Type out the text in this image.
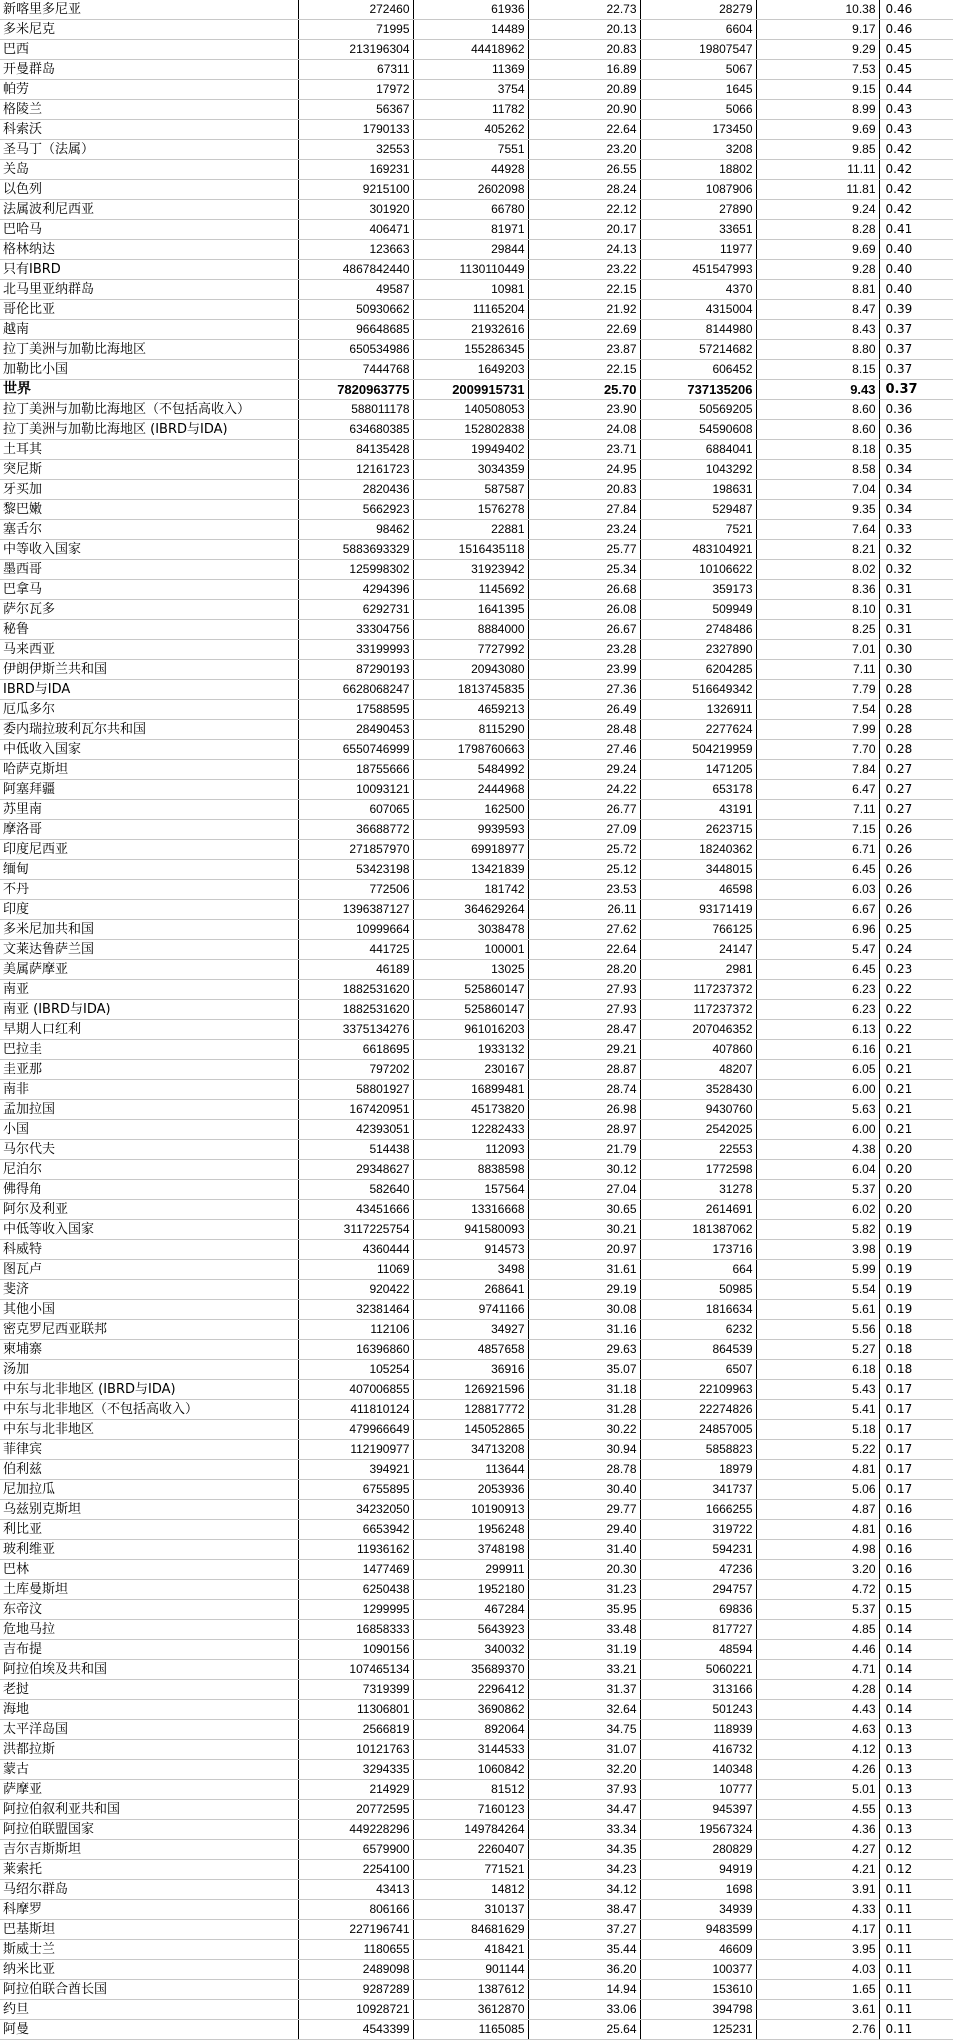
新喀里多尼亚	272460	61936	22.73	28279	10.38	0.46
多米尼克	71995	14489	20.13	6604	9.17	0.46
巴西	213196304	44418962	20.83	19807547	9.29	0.45
开曼群岛	67311	11369	16.89	5067	7.53	0.45
帕劳	17972	3754	20.89	1645	9.15	0.44
格陵兰	56367	11782	20.90	5066	8.99	0.43
科索沃	1790133	405262	22.64	173450	9.69	0.43
圣马丁（法属）	32553	7551	23.20	3208	9.85	0.42
关岛	169231	44928	26.55	18802	11.11	0.42
以色列	9215100	2602098	28.24	1087906	11.81	0.42
法属波利尼西亚	301920	66780	22.12	27890	9.24	0.42
巴哈马	406471	81971	20.17	33651	8.28	0.41
格林纳达	123663	29844	24.13	11977	9.69	0.40
只有IBRD	4867842440	1130110449	23.22	451547993	9.28	0.40
北马里亚纳群岛	49587	10981	22.15	4370	8.81	0.40
哥伦比亚	50930662	11165204	21.92	4315004	8.47	0.39
越南	96648685	21932616	22.69	8144980	8.43	0.37
拉丁美洲与加勒比海地区	650534986	155286345	23.87	57214682	8.80	0.37
加勒比小国	7444768	1649203	22.15	606452	8.15	0.37
世界	7820963775	2009915731	25.70	737135206	9.43	0.37
拉丁美洲与加勒比海地区（不包括高收入）	588011178	140508053	23.90	50569205	8.60	0.36
拉丁美洲与加勒比海地区 (IBRD与IDA)	634680385	152802838	24.08	54590608	8.60	0.36
土耳其	84135428	19949402	23.71	6884041	8.18	0.35
突尼斯	12161723	3034359	24.95	1043292	8.58	0.34
牙买加	2820436	587587	20.83	198631	7.04	0.34
黎巴嫩	5662923	1576278	27.84	529487	9.35	0.34
塞舌尔	98462	22881	23.24	7521	7.64	0.33
中等收入国家	5883693329	1516435118	25.77	483104921	8.21	0.32
墨西哥	125998302	31923942	25.34	10106622	8.02	0.32
巴拿马	4294396	1145692	26.68	359173	8.36	0.31
萨尔瓦多	6292731	1641395	26.08	509949	8.10	0.31
秘鲁	33304756	8884000	26.67	2748486	8.25	0.31
马来西亚	33199993	7727992	23.28	2327890	7.01	0.30
伊朗伊斯兰共和国	87290193	20943080	23.99	6204285	7.11	0.30
IBRD与IDA	6628068247	1813745835	27.36	516649342	7.79	0.28
厄瓜多尔	17588595	4659213	26.49	1326911	7.54	0.28
委内瑞拉玻利瓦尔共和国	28490453	8115290	28.48	2277624	7.99	0.28
中低收入国家	6550746999	1798760663	27.46	504219959	7.70	0.28
哈萨克斯坦	18755666	5484992	29.24	1471205	7.84	0.27
阿塞拜疆	10093121	2444968	24.22	653178	6.47	0.27
苏里南	607065	162500	26.77	43191	7.11	0.27
摩洛哥	36688772	9939593	27.09	2623715	7.15	0.26
印度尼西亚	271857970	69918977	25.72	18240362	6.71	0.26
缅甸	53423198	13421839	25.12	3448015	6.45	0.26
不丹	772506	181742	23.53	46598	6.03	0.26
印度	1396387127	364629264	26.11	93171419	6.67	0.26
多米尼加共和国	10999664	3038478	27.62	766125	6.96	0.25
文莱达鲁萨兰国	441725	100001	22.64	24147	5.47	0.24
美属萨摩亚	46189	13025	28.20	2981	6.45	0.23
南亚	1882531620	525860147	27.93	117237372	6.23	0.22
南亚 (IBRD与IDA)	1882531620	525860147	27.93	117237372	6.23	0.22
早期人口红利	3375134276	961016203	28.47	207046352	6.13	0.22
巴拉圭	6618695	1933132	29.21	407860	6.16	0.21
圭亚那	797202	230167	28.87	48207	6.05	0.21
南非	58801927	16899481	28.74	3528430	6.00	0.21
孟加拉国	167420951	45173820	26.98	9430760	5.63	0.21
小国	42393051	12282433	28.97	2542025	6.00	0.21
马尔代夫	514438	112093	21.79	22553	4.38	0.20
尼泊尔	29348627	8838598	30.12	1772598	6.04	0.20
佛得角	582640	157564	27.04	31278	5.37	0.20
阿尔及利亚	43451666	13316668	30.65	2614691	6.02	0.20
中低等收入国家	3117225754	941580093	30.21	181387062	5.82	0.19
科威特	4360444	914573	20.97	173716	3.98	0.19
图瓦卢	11069	3498	31.61	664	5.99	0.19
斐济	920422	268641	29.19	50985	5.54	0.19
其他小国	32381464	9741166	30.08	1816634	5.61	0.19
密克罗尼西亚联邦	112106	34927	31.16	6232	5.56	0.18
柬埔寨	16396860	4857658	29.63	864539	5.27	0.18
汤加	105254	36916	35.07	6507	6.18	0.18
中东与北非地区 (IBRD与IDA)	407006855	126921596	31.18	22109963	5.43	0.17
中东与北非地区（不包括高收入）	411810124	128817772	31.28	22274826	5.41	0.17
中东与北非地区	479966649	145052865	30.22	24857005	5.18	0.17
菲律宾	112190977	34713208	30.94	5858823	5.22	0.17
伯利兹	394921	113644	28.78	18979	4.81	0.17
尼加拉瓜	6755895	2053936	30.40	341737	5.06	0.17
乌兹别克斯坦	34232050	10190913	29.77	1666255	4.87	0.16
利比亚	6653942	1956248	29.40	319722	4.81	0.16
玻利维亚	11936162	3748198	31.40	594231	4.98	0.16
巴林	1477469	299911	20.30	47236	3.20	0.16
土库曼斯坦	6250438	1952180	31.23	294757	4.72	0.15
东帝汶	1299995	467284	35.95	69836	5.37	0.15
危地马拉	16858333	5643923	33.48	817727	4.85	0.14
吉布提	1090156	340032	31.19	48594	4.46	0.14
阿拉伯埃及共和国	107465134	35689370	33.21	5060221	4.71	0.14
老挝	7319399	2296412	31.37	313166	4.28	0.14
海地	11306801	3690862	32.64	501243	4.43	0.14
太平洋岛国	2566819	892064	34.75	118939	4.63	0.13
洪都拉斯	10121763	3144533	31.07	416732	4.12	0.13
蒙古	3294335	1060842	32.20	140348	4.26	0.13
萨摩亚	214929	81512	37.93	10777	5.01	0.13
阿拉伯叙利亚共和国	20772595	7160123	34.47	945397	4.55	0.13
阿拉伯联盟国家	449228296	149784264	33.34	19567324	4.36	0.13
吉尔吉斯斯坦	6579900	2260407	34.35	280829	4.27	0.12
莱索托	2254100	771521	34.23	94919	4.21	0.12
马绍尔群岛	43413	14812	34.12	1698	3.91	0.11
科摩罗	806166	310137	38.47	34939	4.33	0.11
巴基斯坦	227196741	84681629	37.27	9483599	4.17	0.11
斯威士兰	1180655	418421	35.44	46609	3.95	0.11
纳米比亚	2489098	901144	36.20	100377	4.03	0.11
阿拉伯联合酋长国	9287289	1387612	14.94	153610	1.65	0.11
约旦	10928721	3612870	33.06	394798	3.61	0.11
阿曼	4543399	1165085	25.64	125231	2.76	0.11
